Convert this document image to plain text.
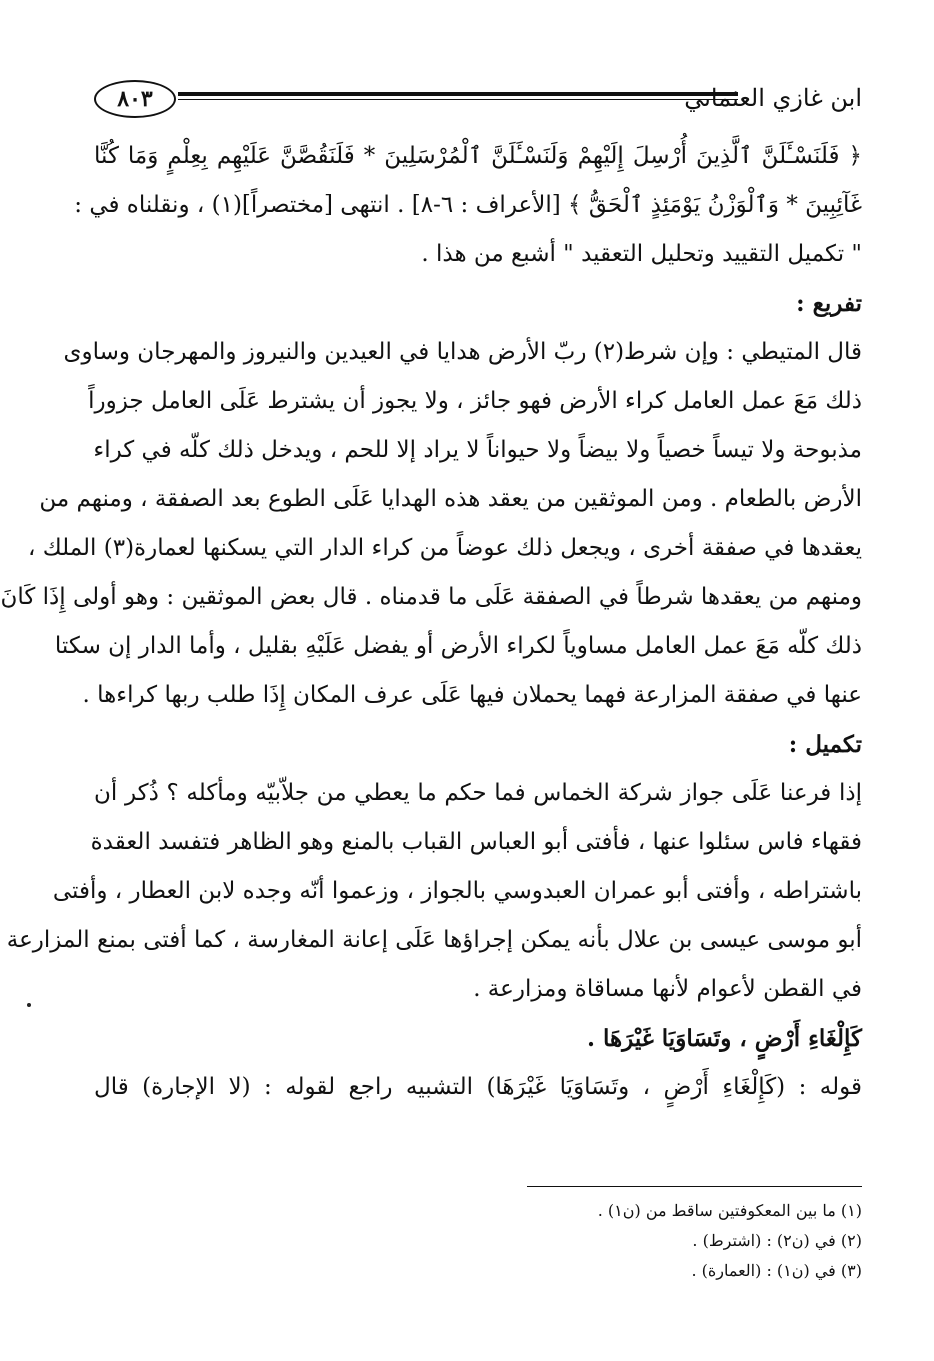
٨٠٣	ابن غازي العثماني
﴿ فَلَنَسْـَٔلَنَّ ٱلَّذِينَ أُرْسِلَ إِلَيْهِمْ وَلَنَسْـَٔلَنَّ ٱلْمُرْسَلِينَ * فَلَنَقُصَّنَّ عَلَيْهِم بِعِلْمٍ وَمَا كُنَّا
غَآئِبِينَ * وَٱلْوَزْنُ يَوْمَئِذٍ ٱلْحَقُّ ﴾ [الأعراف : ٦-٨] . انتهى [مختصراً](١) ، ونقلناه في :
" تكميل التقييد وتحليل التعقيد " أشبع من هذا .
تفريع :
قال المتيطي : وإن شرط(٢) ربّ الأرض هدايا في العيدين والنيروز والمهرجان وساوى
ذلك مَعَ عمل العامل كراء الأرض فهو جائز ، ولا يجوز أن يشترط عَلَى العامل جزوراً
مذبوحة ولا تيساً خصياً ولا بيضاً ولا حيواناً لا يراد إلا للحم ، ويدخل ذلك كلّه في كراء
الأرض بالطعام . ومن الموثقين من يعقد هذه الهدايا عَلَى الطوع بعد الصفقة ، ومنهم من
يعقدها في صفقة أخرى ، ويجعل ذلك عوضاً من كراء الدار التي يسكنها لعمارة(٣) الملك ،
ومنهم من يعقدها شرطاً في الصفقة عَلَى ما قدمناه . قال بعض الموثقين : وهو أولى إِذَا كَانَ
ذلك كلّه مَعَ عمل العامل مساوياً لكراء الأرض أو يفضل عَلَيْهِ بقليل ، وأما الدار إن سكتا
عنها في صفقة المزارعة فهما يحملان فيها عَلَى عرف المكان إِذَا طلب ربها كراءها .
تكميل :
إذا فرعنا عَلَى جواز شركة الخماس فما حكم ما يعطي من جلاّبيّه ومأكله ؟ ذُكر أن
فقهاء فاس سئلوا عنها ، فأفتى أبو العباس القباب بالمنع وهو الظاهر فتفسد العقدة
باشتراطه ، وأفتى أبو عمران العبدوسي بالجواز ، وزعموا أنّه وجده لابن العطار ، وأفتى
أبو موسى عيسى بن علال بأنه يمكن إجراؤها عَلَى إعانة المغارسة ، كما أفتى بمنع المزارعة
في القطن لأعوام لأنها مساقاة ومزارعة .
كَإِلْغَاءِ أَرْضٍ ، وتَسَاوَيَا غَيْرَهَا .
قوله : (كَإِلْغَاءِ أَرْضٍ ، وتَسَاوَيَا غَيْرَهَا) التشبيه راجع لقوله : (لا الإجارة) قال
(١) ما بين المعكوفتين ساقط من (ن١) .
(٢) في (ن٢) : (اشترط) .
(٣) في (ن١) : (العمارة) .
